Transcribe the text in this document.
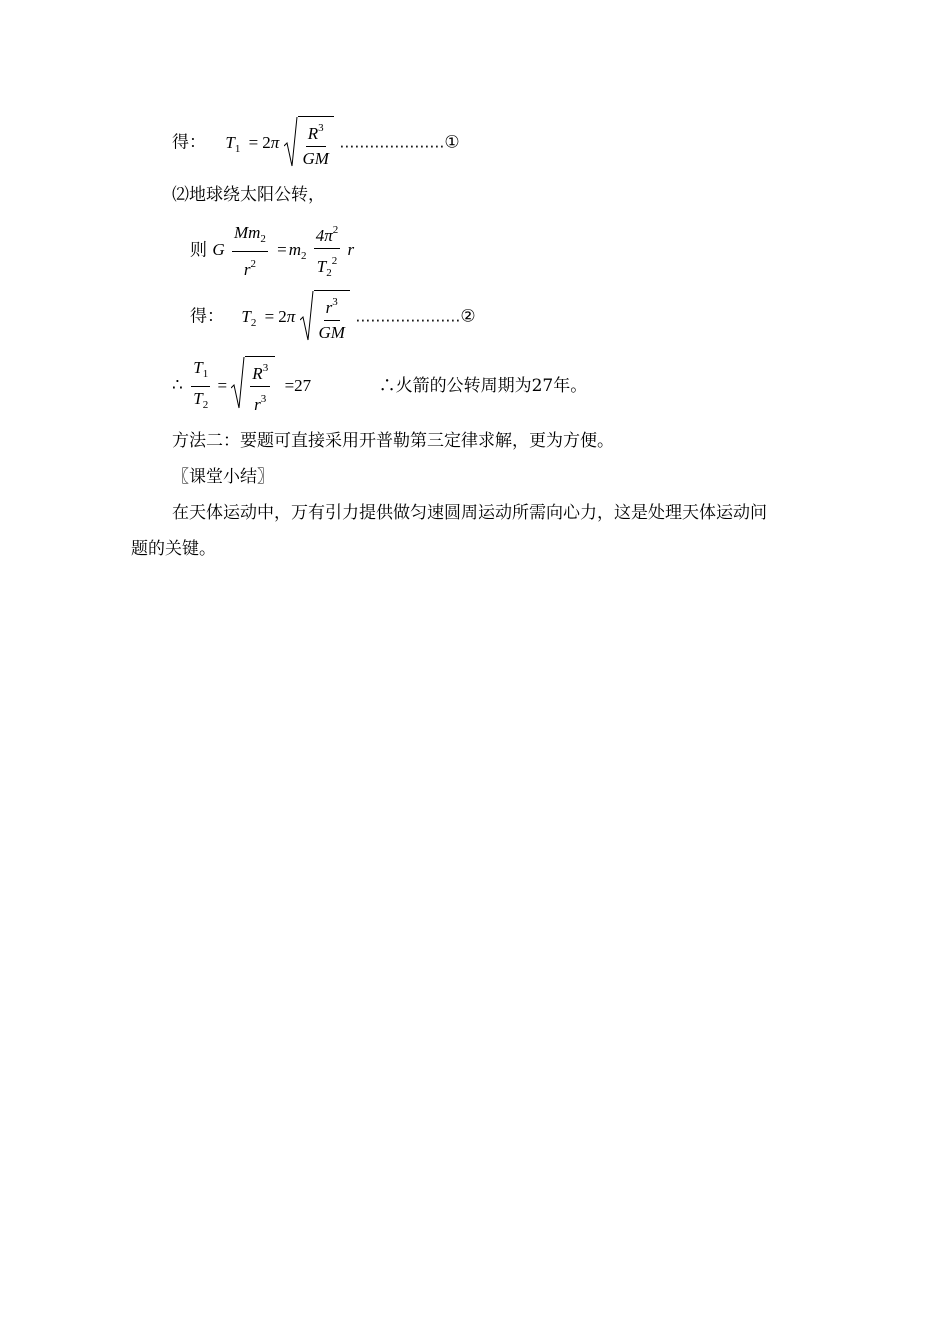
得： $T_1 = 2\pi \frac{R^3}{GM}$ …………………①
⑵地球绕太阳公转，
则 G $\frac{Mm_2}{r^2} = m_2 \frac{4\pi^2}{T_2^2}$ r
得： $T_2 = 2\pi \frac{r^3}{GM}$ …………………②
∴ $\frac{T_1}{T_2} = \frac{R^3}{r^3} =27$	∴火箭的公转周期为27年。
方法二：要题可直接采用开普勒第三定律求解，更为方便。
〖课堂小结〗
在天体运动中，万有引力提供做匀速圆周运动所需向心力，这是处理天体运动问
题的关键。
